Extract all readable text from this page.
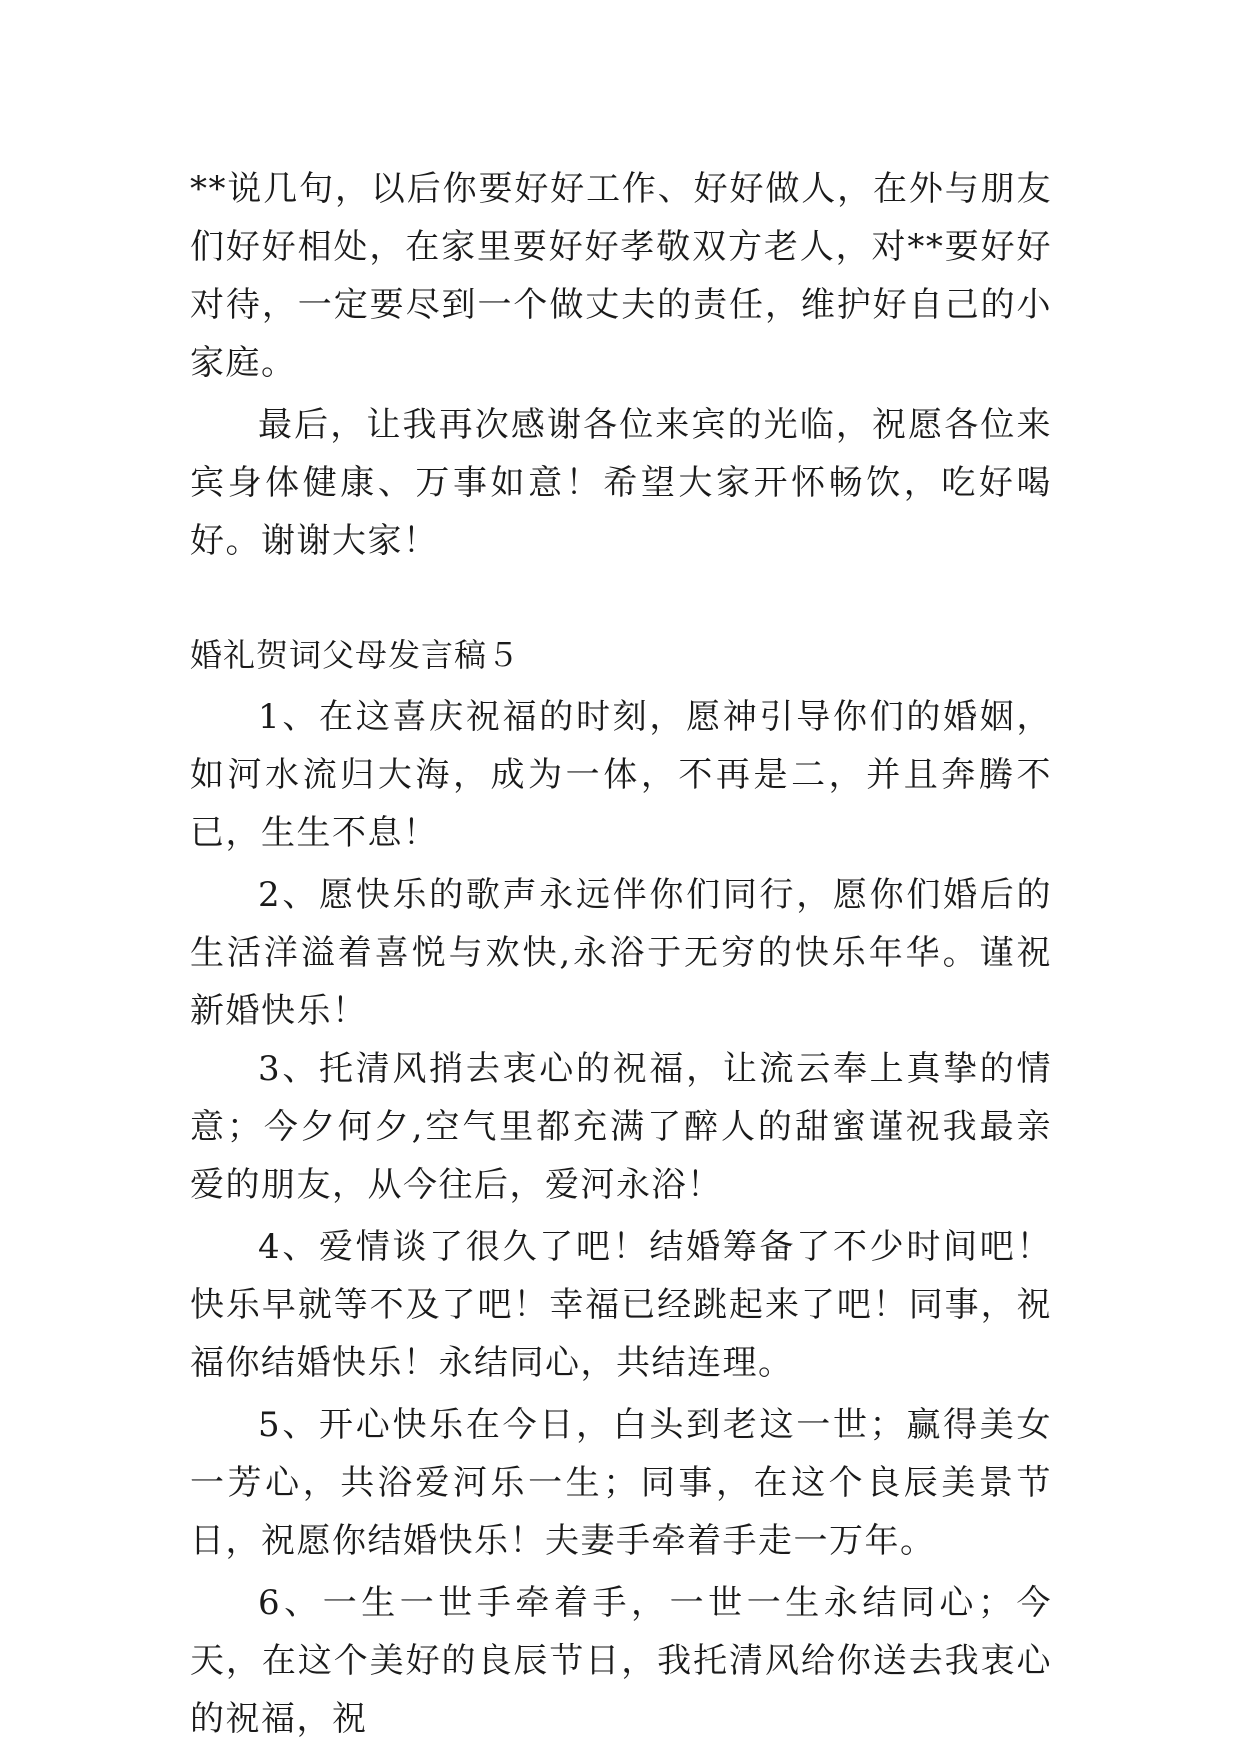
**说几句，以后你要好好工作、好好做人，在外与朋友们好好相处，在家里要好好孝敬双方老人，对**要好好对待，一定要尽到一个做丈夫的责任，维护好自己的小家庭。

最后，让我再次感谢各位来宾的光临，祝愿各位来宾身体健康、万事如意！希望大家开怀畅饮，吃好喝好。谢谢大家！

婚礼贺词父母发言稿５

1、在这喜庆祝福的时刻，愿神引导你们的婚姻，如河水流归大海，成为一体，不再是二，并且奔腾不已，生生不息！

2、愿快乐的歌声永远伴你们同行，愿你们婚后的生活洋溢着喜悦与欢快,永浴于无穷的快乐年华。谨祝新婚快乐！

3、托清风捎去衷心的祝福，让流云奉上真挚的情意；今夕何夕,空气里都充满了醉人的甜蜜谨祝我最亲爱的朋友，从今往后，爱河永浴！

4、爱情谈了很久了吧！结婚筹备了不少时间吧！快乐早就等不及了吧！幸福已经跳起来了吧！同事，祝福你结婚快乐！永结同心，共结连理。

5、开心快乐在今日，白头到老这一世；赢得美女一芳心，共浴爱河乐一生；同事，在这个良辰美景节日，祝愿你结婚快乐！夫妻手牵着手走一万年。

6、一生一世手牵着手，一世一生永结同心；今天，在这个美好的良辰节日，我托清风给你送去我衷心的祝福，祝
